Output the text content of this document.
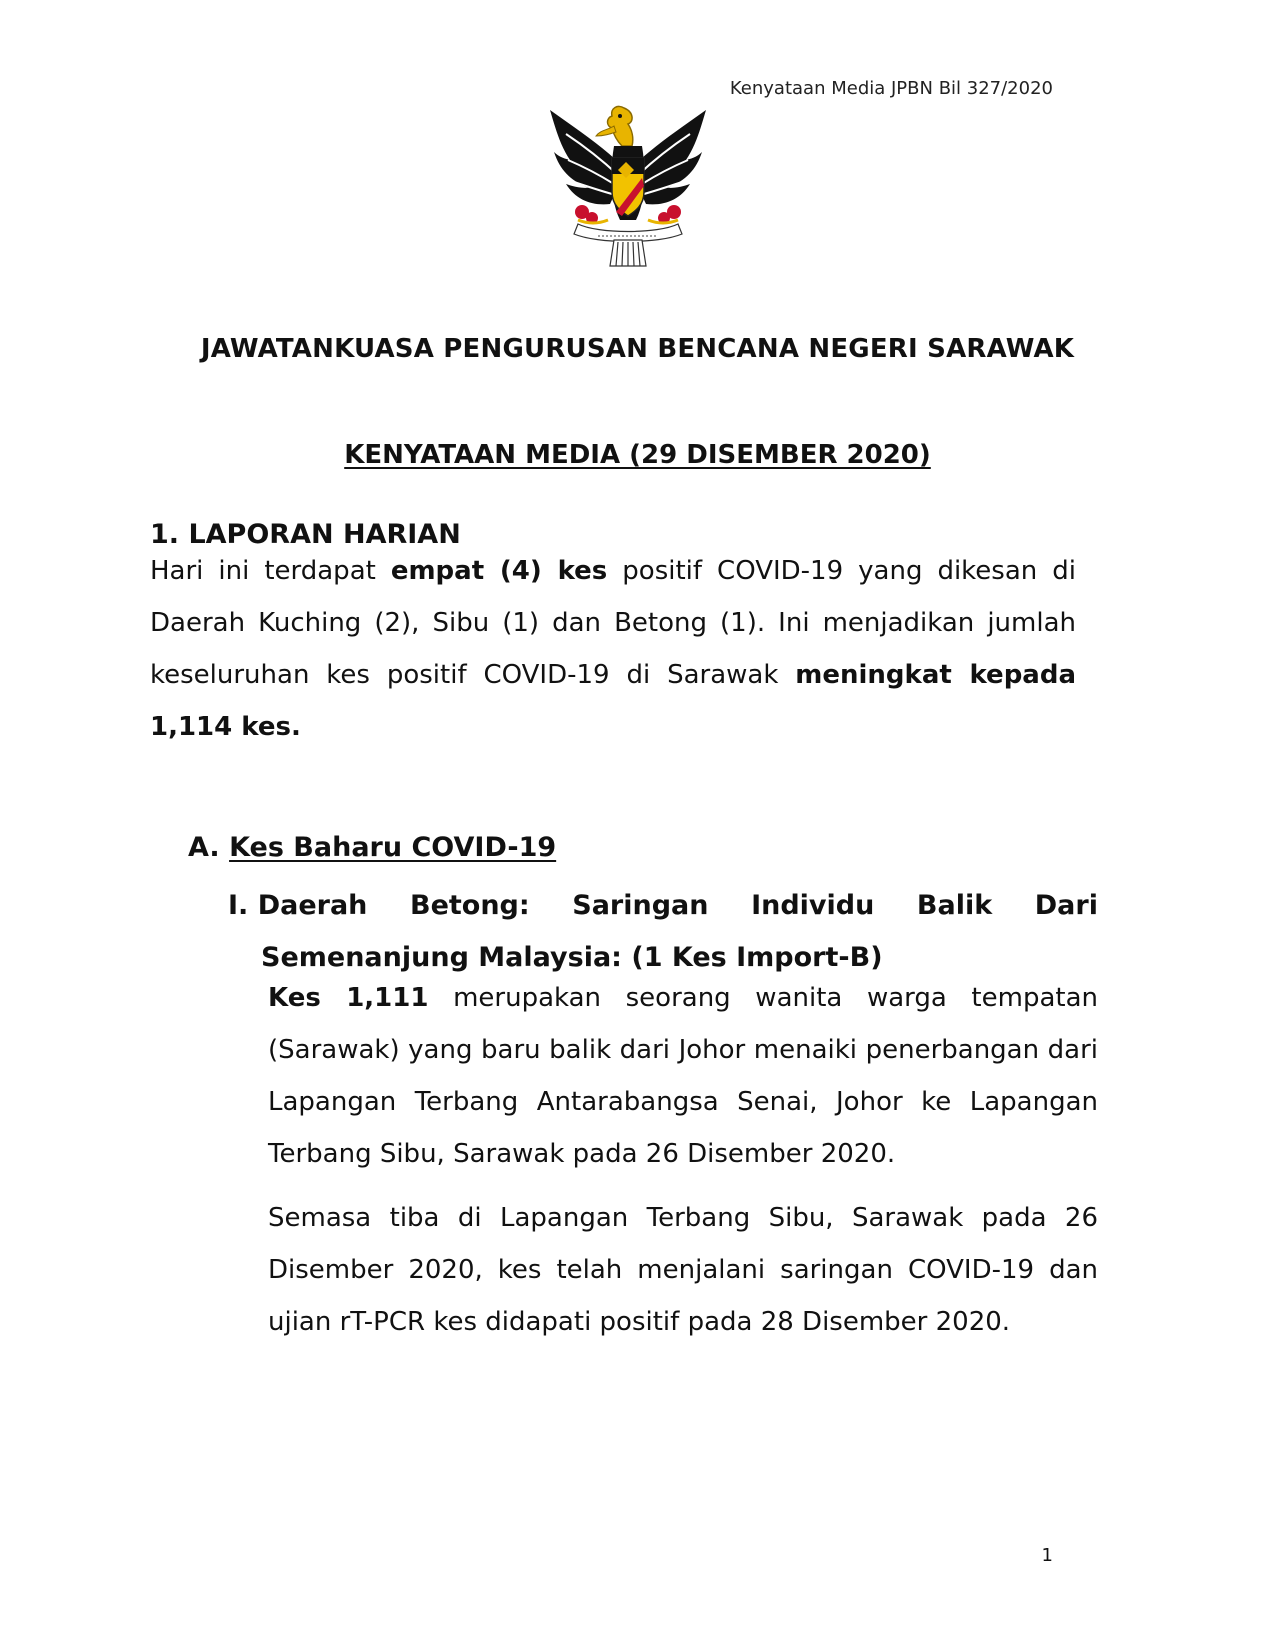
Kenyataan Media JPBN Bil 327/2020
JAWATANKUASA PENGURUSAN BENCANA NEGERI SARAWAK
KENYATAAN MEDIA (29 DISEMBER 2020)
1. LAPORAN HARIAN
Hari ini terdapat empat (4) kes positif COVID-19 yang dikesan di Daerah Kuching (2), Sibu (1) dan Betong (1). Ini menjadikan jumlah keseluruhan kes positif COVID-19 di Sarawak meningkat kepada 1,114 kes.
A. Kes Baharu COVID-19
I. Daerah Betong: Saringan Individu Balik Dari
Semenanjung Malaysia: (1 Kes Import-B)
Kes 1,111 merupakan seorang wanita warga tempatan (Sarawak) yang baru balik dari Johor menaiki penerbangan dari Lapangan Terbang Antarabangsa Senai, Johor ke Lapangan Terbang Sibu, Sarawak pada 26 Disember 2020.
Semasa tiba di Lapangan Terbang Sibu, Sarawak pada 26 Disember 2020, kes telah menjalani saringan COVID-19 dan ujian rT-PCR kes didapati positif pada 28 Disember 2020.
1
